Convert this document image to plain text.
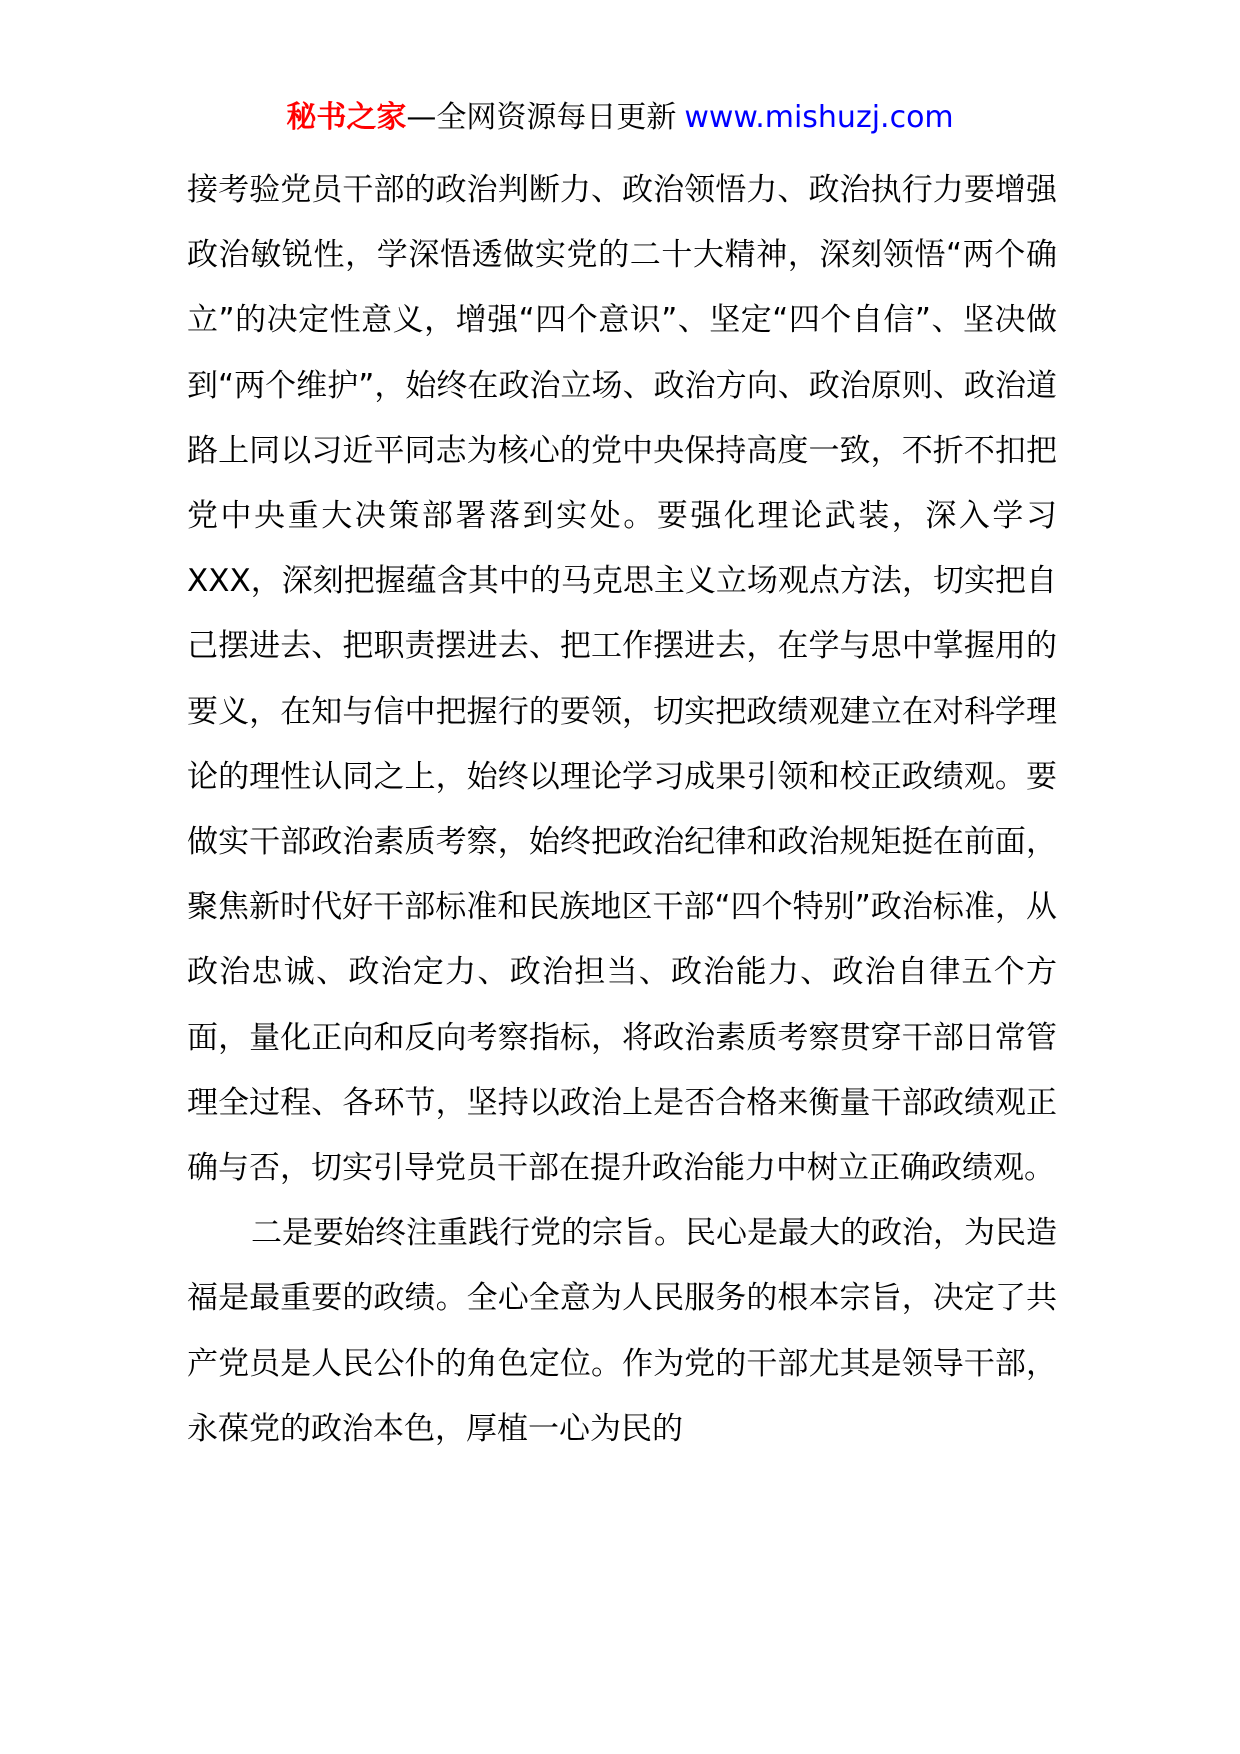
秘书之家—全网资源每日更新 www.mishuzj.com

接考验党员干部的政治判断力、政治领悟力、政治执行力要增强政治敏锐性，学深悟透做实党的二十大精神，深刻领悟“两个确立”的决定性意义，增强“四个意识”、坚定“四个自信”、坚决做到“两个维护”，始终在政治立场、政治方向、政治原则、政治道路上同以习近平同志为核心的党中央保持高度一致，不折不扣把党中央重大决策部署落到实处。要强化理论武装，深入学习 XXX，深刻把握蕴含其中的马克思主义立场观点方法，切实把自己摆进去、把职责摆进去、把工作摆进去，在学与思中掌握用的要义，在知与信中把握行的要领，切实把政绩观建立在对科学理论的理性认同之上，始终以理论学习成果引领和校正政绩观。要做实干部政治素质考察，始终把政治纪律和政治规矩挺在前面，聚焦新时代好干部标准和民族地区干部“四个特别”政治标准，从政治忠诚、政治定力、政治担当、政治能力、政治自律五个方面，量化正向和反向考察指标，将政治素质考察贯穿干部日常管理全过程、各环节，坚持以政治上是否合格来衡量干部政绩观正确与否，切实引导党员干部在提升政治能力中树立正确政绩观。

二是要始终注重践行党的宗旨。民心是最大的政治，为民造福是最重要的政绩。全心全意为人民服务的根本宗旨，决定了共产党员是人民公仆的角色定位。作为党的干部尤其是领导干部，永葆党的政治本色，厚植一心为民的
